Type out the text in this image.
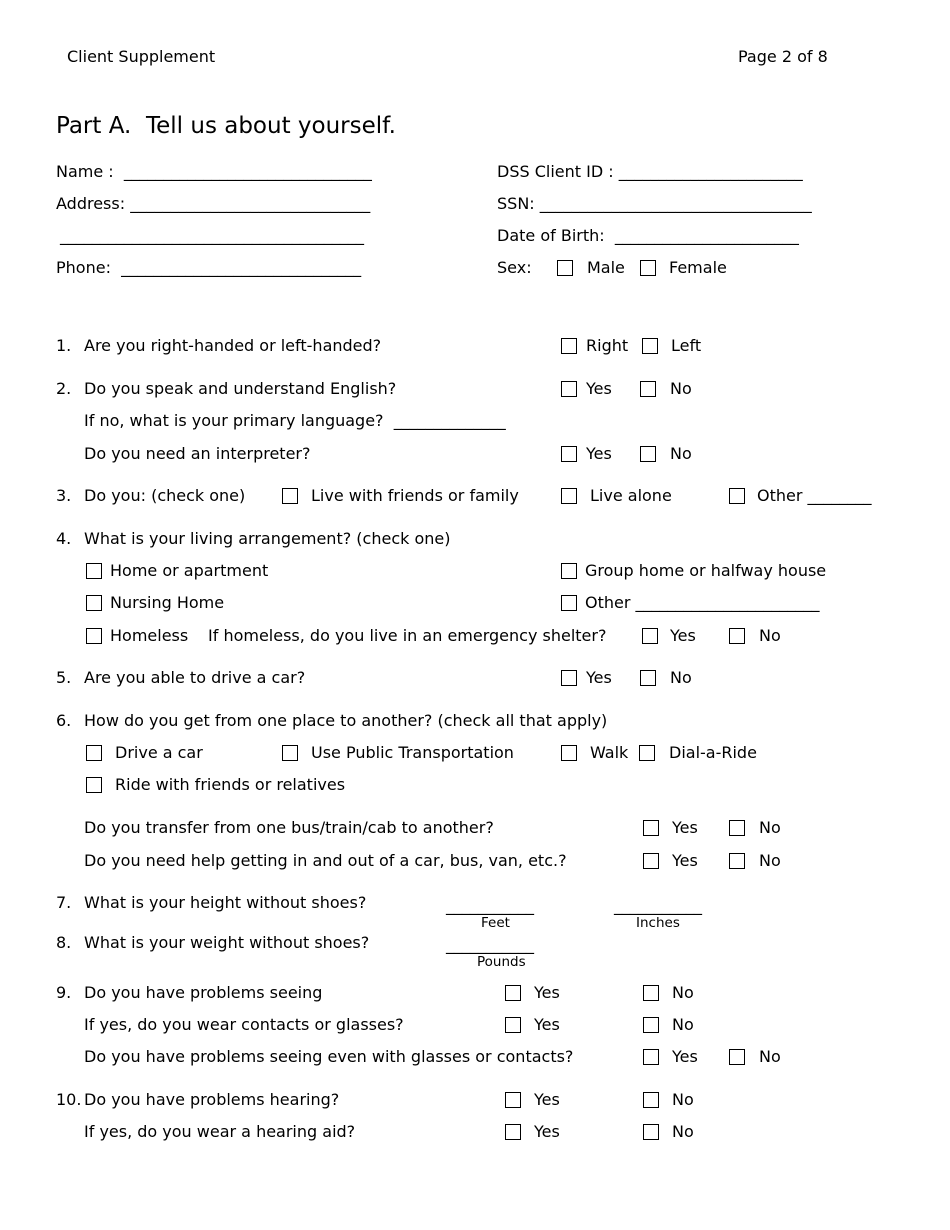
Client Supplement	Page 2 of 8
Part A.  Tell us about yourself.
Name :  _______________________________
Address: ______________________________
______________________________________
Phone:  ______________________________
DSS Client ID : _______________________
SSN: __________________________________
Date of Birth:  _______________________
Sex:	Male	Female
1. Are you right-handed or left-handed?	Right	Left
2. Do you speak and understand English?	Yes	No
If no, what is your primary language?  ______________
Do you need an interpreter?	Yes	No
3. Do you: (check one)	Live with friends or family	Live alone	Other ________
4. What is your living arrangement? (check one)
Home or apartment	Group home or halfway house
Nursing Home	Other _______________________
Homeless If homeless, do you live in an emergency shelter?	Yes	No
5. Are you able to drive a car?	Yes	No
6. How do you get from one place to another? (check all that apply)
Drive a car	Use Public Transportation	Walk	Dial-a-Ride
Ride with friends or relatives
Do you transfer from one bus/train/cab to another?	Yes	No
Do you need help getting in and out of a car, bus, van, etc.?	Yes	No
7. What is your height without shoes?	___________
Feet
___________
Inches
8. What is your weight without shoes?	___________
Pounds
9. Do you have problems seeing	Yes	No
If yes, do you wear contacts or glasses?	Yes	No
Do you have problems seeing even with glasses or contacts?	Yes	No
10. Do you have problems hearing?	Yes	No
If yes, do you wear a hearing aid?	Yes	No
